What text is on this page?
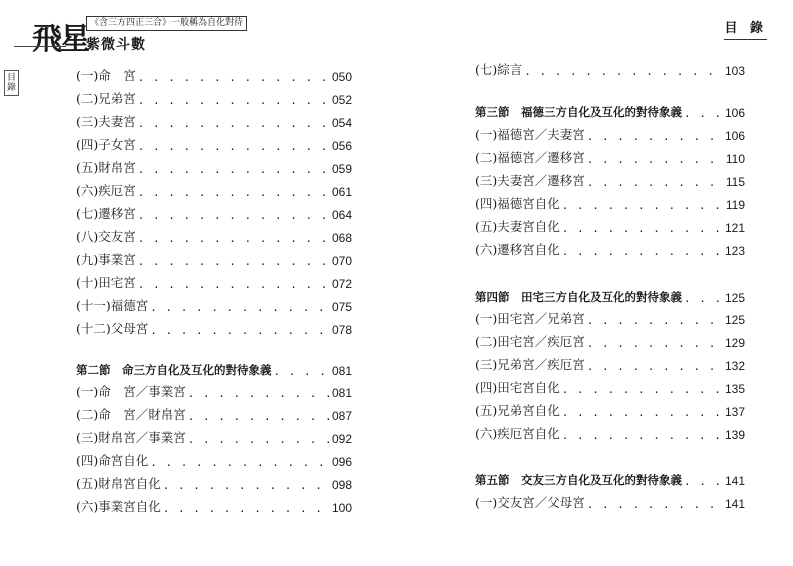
飛星 《含三方四正三合》一般稱為自化對待
紫微斗數
目錄
(一)命　宮 . . .	050
(二)兄弟宮 . . .	052
(三)夫妻宮 . . .	054
(四)子女宮 . . .	056
(五)財帛宮 . . .	059
(六)疾厄宮 . . .	061
(七)遷移宮 . . .	064
(八)交友宮 . . .	068
(九)事業宮 . . .	070
(十)田宅宮 . . .	072
(十一)福德宮 . . .	075
(十二)父母宮 . . .	078
第二節　命三方自化及互化的對待象義 . . .	081
(一)命　宮／事業宮 . . .	081
(二)命　宮／財帛宮 . . .	087
(三)財帛宮／事業宮 . . .	092
(四)命宮自化 . . .	096
(五)財帛宮自化 . . .	098
(六)事業宮自化 . . .	100
目 錄
(七)綜言 . . .	103
第三節　福德三方自化及互化的對待象義 . . .	106
(一)福德宮／夫妻宮 . . .	106
(二)福德宮／遷移宮 . . .	110
(三)夫妻宮／遷移宮 . . .	115
(四)福德宮自化 . . .	119
(五)夫妻宮自化 . . .	121
(六)遷移宮自化 . . .	123
第四節　田宅三方自化及互化的對待象義 . . .	125
(一)田宅宮／兄弟宮 . . .	125
(二)田宅宮／疾厄宮 . . .	129
(三)兄弟宮／疾厄宮 . . .	132
(四)田宅宮自化 . . .	135
(五)兄弟宮自化 . . .	137
(六)疾厄宮自化 . . .	139
第五節　交友三方自化及互化的對待象義 . . .	141
(一)交友宮／父母宮 . . .	141
